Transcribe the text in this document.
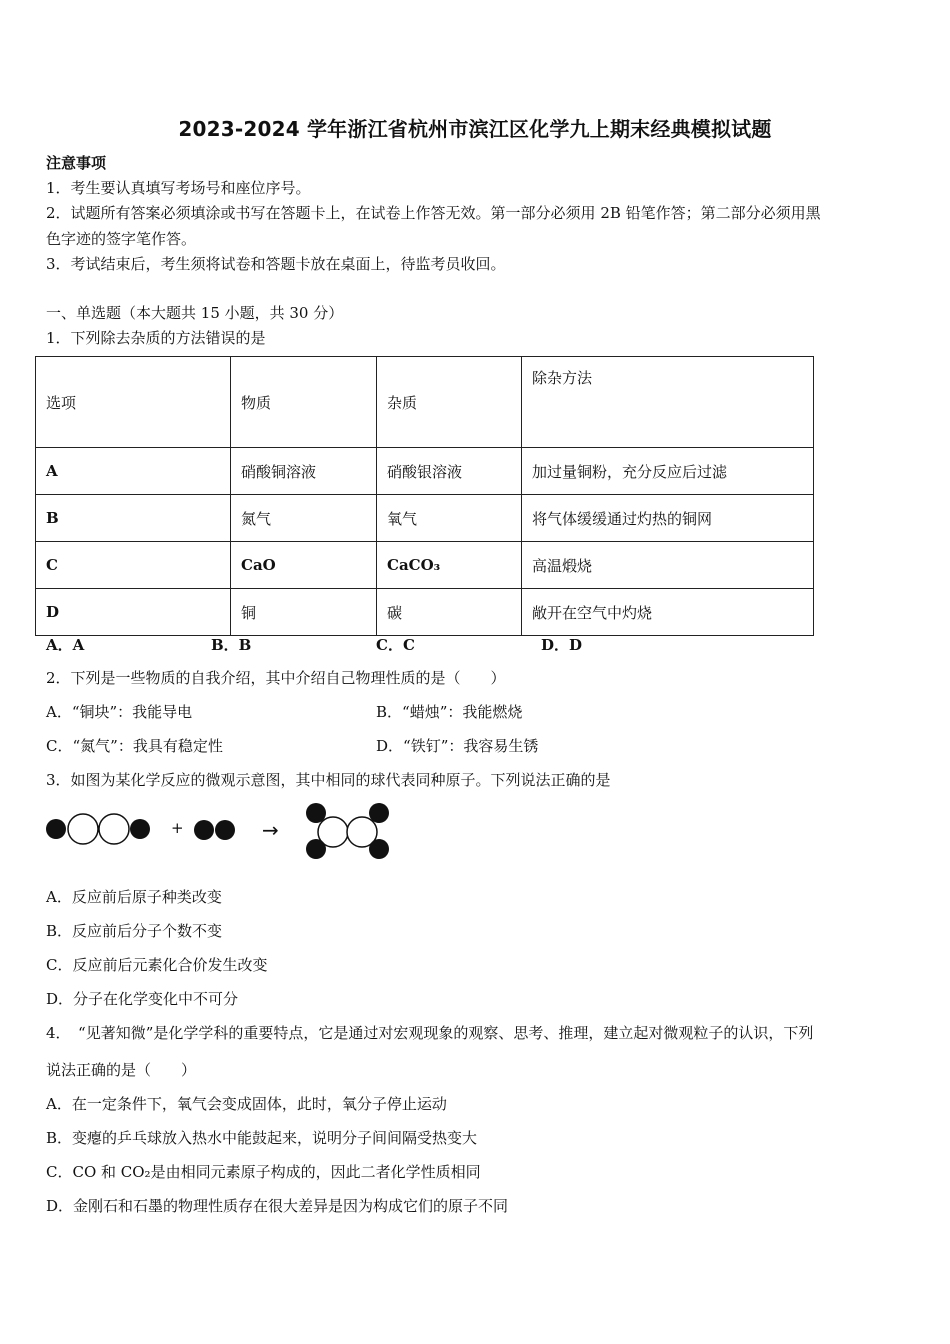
2023-2024 学年浙江省杭州市滨江区化学九上期末经典模拟试题
注意事项
1．考生要认真填写考场号和座位序号。
2．试题所有答案必须填涂或书写在答题卡上，在试卷上作答无效。第一部分必须用 2B 铅笔作答；第二部分必须用黑
色字迹的签字笔作答。
3．考试结束后，考生须将试卷和答题卡放在桌面上，待监考员收回。
一、单选题（本大题共 15 小题，共 30 分）
1．下列除去杂质的方法错误的是
选项	物质	杂质	除杂方法
A	硝酸铜溶液	硝酸银溶液	加过量铜粉，充分反应后过滤
B	氮气	氧气	将气体缓缓通过灼热的铜网
C	CaO	CaCO₃	高温煅烧
D	铜	碳	敞开在空气中灼烧
A．A	B．B	C．C	D．D
2．下列是一些物质的自我介绍，其中介绍自己物理性质的是（　　）
A．“铜块”：我能导电	B．“蜡烛”：我能燃烧
C．“氮气”：我具有稳定性	D．“铁钉”：我容易生锈
3．如图为某化学反应的微观示意图，其中相同的球代表同种原子。下列说法正确的是
+	→
A．反应前后原子种类改变
B．反应前后分子个数不变
C．反应前后元素化合价发生改变
D．分子在化学变化中不可分
4．　“见著知微”是化学学科的重要特点，它是通过对宏观现象的观察、思考、推理，建立起对微观粒子的认识，下列
说法正确的是（　　）
A．在一定条件下，氧气会变成固体，此时，氧分子停止运动
B．变瘪的乒乓球放入热水中能鼓起来，说明分子间间隔受热变大
C．CO 和 CO₂是由相同元素原子构成的，因此二者化学性质相同
D．金刚石和石墨的物理性质存在很大差异是因为构成它们的原子不同
